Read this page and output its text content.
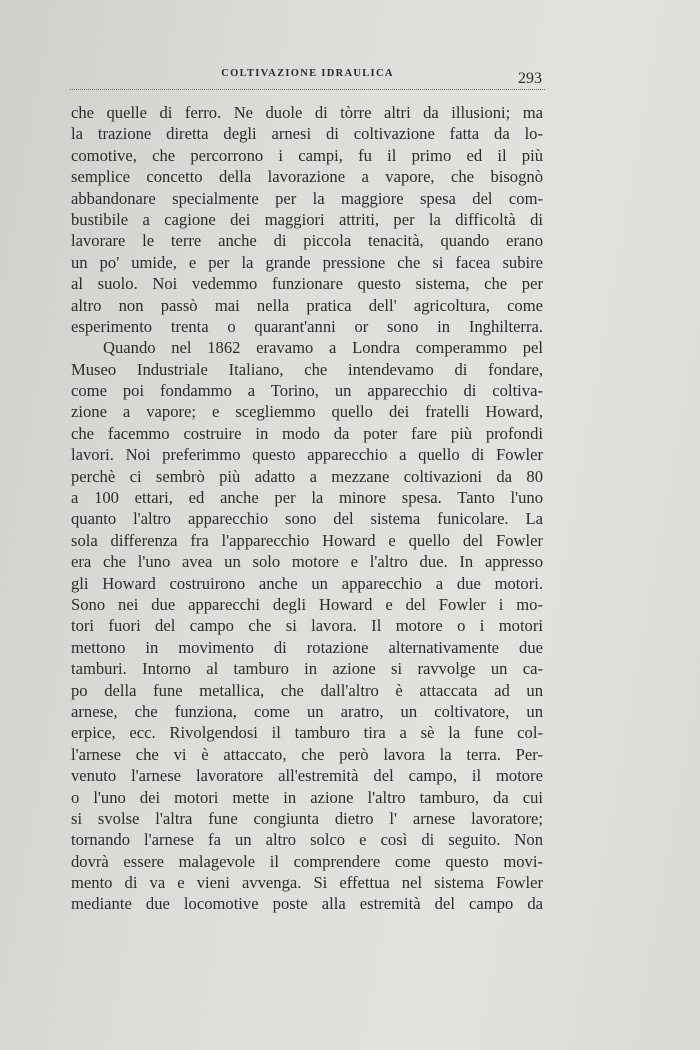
COLTIVAZIONE IDRAULICA	293
che quelle di ferro. Ne duole di tòrre altri da illusioni; ma
la trazione diretta degli arnesi di coltivazione fatta da lo-
comotive, che percorrono i campi, fu il primo ed il più
semplice concetto della lavorazione a vapore, che bisognò
abbandonare specialmente per la maggiore spesa del com-
bustibile a cagione dei maggiori attriti, per la difficoltà di
lavorare le terre anche di piccola tenacità, quando erano
un po' umide, e per la grande pressione che si facea subire
al suolo. Noi vedemmo funzionare questo sistema, che per
altro non passò mai nella pratica dell' agricoltura, come
esperimento trenta o quarant'anni or sono in Inghilterra.
Quando nel 1862 eravamo a Londra comperammo pel
Museo Industriale Italiano, che intendevamo di fondare,
come poi fondammo a Torino, un apparecchio di coltiva-
zione a vapore; e scegliemmo quello dei fratelli Howard,
che facemmo costruire in modo da poter fare più profondi
lavori. Noi preferimmo questo apparecchio a quello di Fowler
perchè ci sembrò più adatto a mezzane coltivazioni da 80
a 100 ettari, ed anche per la minore spesa. Tanto l'uno
quanto l'altro apparecchio sono del sistema funicolare. La
sola differenza fra l'apparecchio Howard e quello del Fowler
era che l'uno avea un solo motore e l'altro due. In appresso
gli Howard costruirono anche un apparecchio a due motori.
Sono nei due apparecchi degli Howard e del Fowler i mo-
tori fuori del campo che si lavora. Il motore o i motori
mettono in movimento di rotazione alternativamente due
tamburi. Intorno al tamburo in azione si ravvolge un ca-
po della fune metallica, che dall'altro è attaccata ad un
arnese, che funziona, come un aratro, un coltivatore, un
erpice, ecc. Rivolgendosi il tamburo tira a sè la fune col-
l'arnese che vi è attaccato, che però lavora la terra. Per-
venuto l'arnese lavoratore all'estremità del campo, il motore
o l'uno dei motori mette in azione l'altro tamburo, da cui
si svolse l'altra fune congiunta dietro l' arnese lavoratore;
tornando l'arnese fa un altro solco e così di seguito. Non
dovrà essere malagevole il comprendere come questo movi-
mento di va e vieni avvenga. Si effettua nel sistema Fowler
mediante due locomotive poste alla estremità del campo da
